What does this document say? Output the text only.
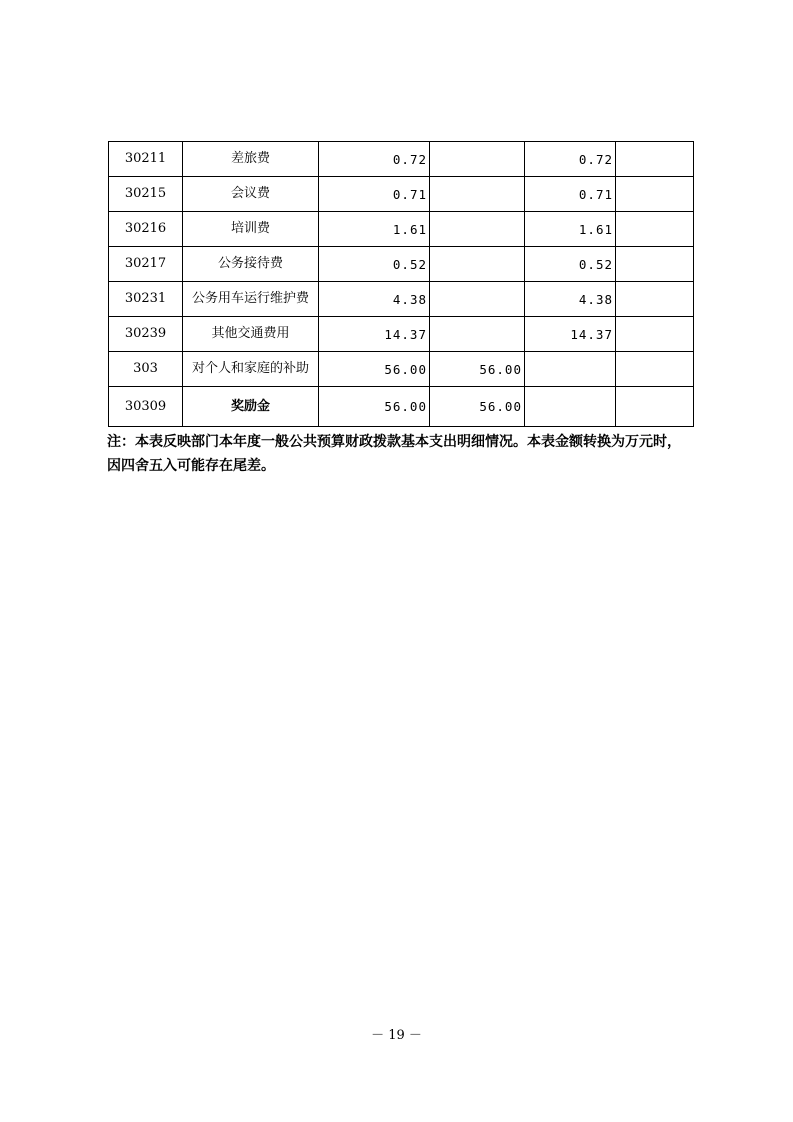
30211	差旅费	0.72		0.72	
30215	会议费	0.71		0.71	
30216	培训费	1.61		1.61	
30217	公务接待费	0.52		0.52	
30231	公务用车运行维护费	4.38		4.38	
30239	其他交通费用	14.37		14.37	
303	对个人和家庭的补助	56.00	56.00		
30309	奖励金	56.00	56.00		
注：本表反映部门本年度一般公共预算财政拨款基本支出明细情况。本表金额转换为万元时，
因四舍五入可能存在尾差。
－ 19 －
